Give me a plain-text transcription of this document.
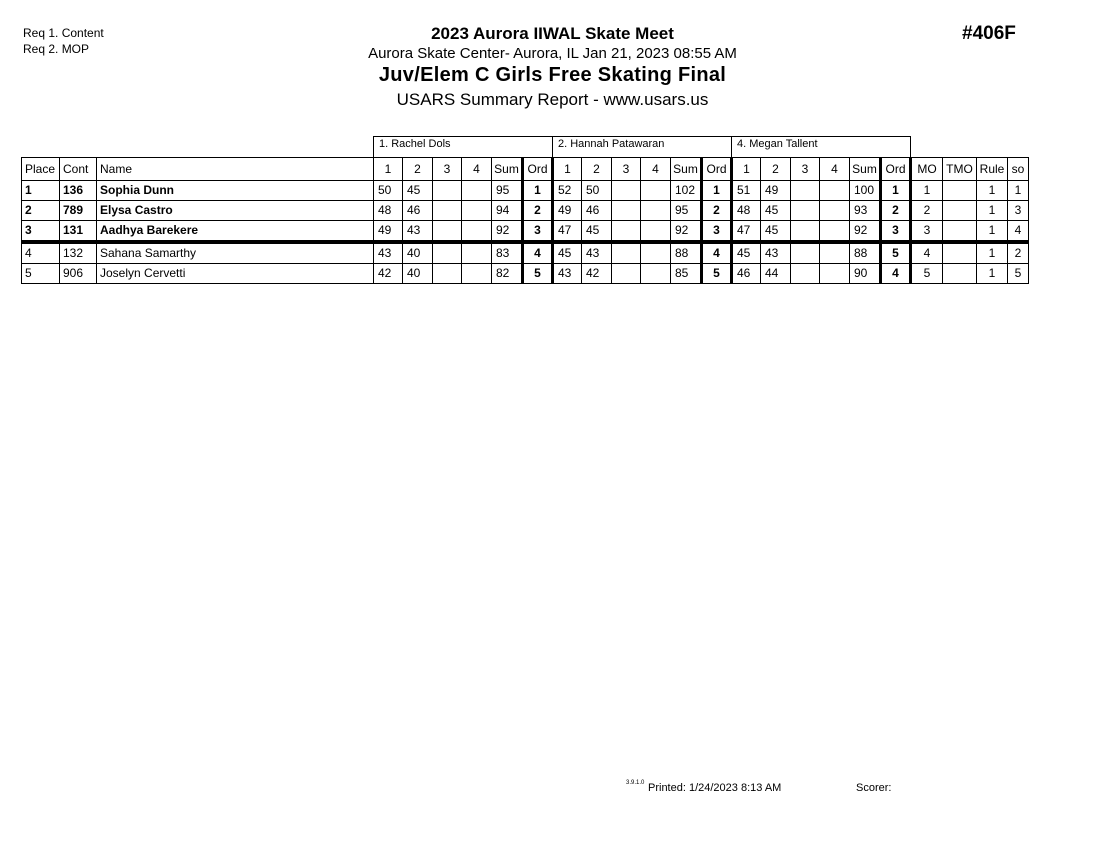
Req 1. Content
Req 2. MOP
#406F
2023 Aurora IIWAL Skate Meet
Aurora Skate Center- Aurora, IL Jan 21, 2023 08:55 AM
Juv/Elem C Girls Free Skating Final
USARS Summary Report - www.usars.us
			1. Rachel Dols						2. Hannah Patawaran						4. Megan Tallent									
Place	Cont	Name	1	2	3	4	Sum	Ord	1	2	3	4	Sum	Ord	1	2	3	4	Sum	Ord	MO	TMO	Rule	so
1	136	Sophia Dunn	50	45			95	1	52	50			102	1	51	49			100	1	1		1	1
2	789	Elysa Castro	48	46			94	2	49	46			95	2	48	45			93	2	2		1	3
3	131	Aadhya Barekere	49	43			92	3	47	45			92	3	47	45			92	3	3		1	4
4	132	Sahana Samarthy	43	40			83	4	45	43			88	4	45	43			88	5	4		1	2
5	906	Joselyn Cervetti	42	40			82	5	43	42			85	5	46	44			90	4	5		1	5
3.9.1.0 Printed: 1/24/2023 8:13 AM	Scorer:
